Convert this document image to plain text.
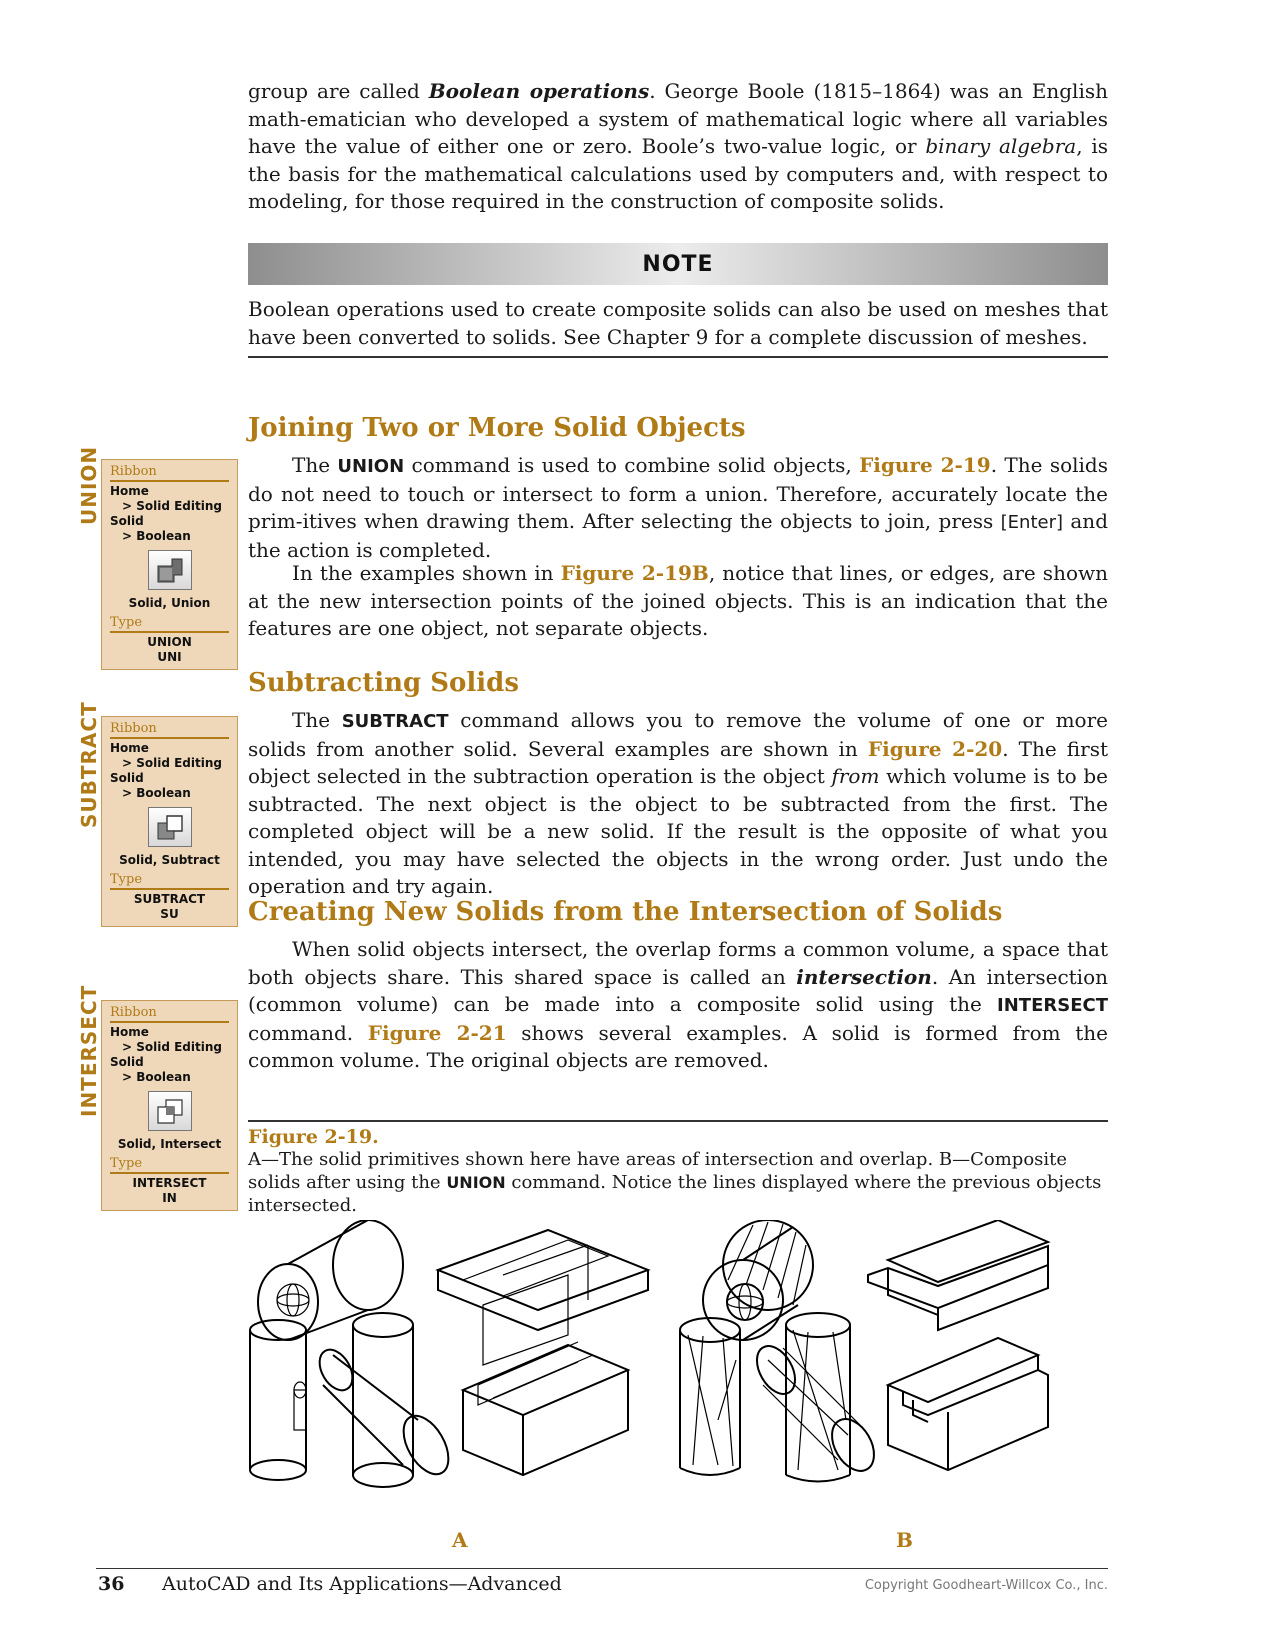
group are called Boolean operations. George Boole (1815–1864) was an English math-ematician who developed a system of mathematical logic where all variables have the value of either one or zero. Boole’s two-value logic, or binary algebra, is the basis for the mathematical calculations used by computers and, with respect to modeling, for those required in the construction of composite solids.

NOTE

Boolean operations used to create composite solids can also be used on meshes that have been converted to solids. See Chapter 9 for a complete discussion of meshes.

Joining Two or More Solid Objects

The UNION command is used to combine solid objects, Figure 2-19. The solids do not need to touch or intersect to form a union. Therefore, accurately locate the prim-itives when drawing them. After selecting the objects to join, press [Enter] and the action is completed.

In the examples shown in Figure 2-19B, notice that lines, or edges, are shown at the new intersection points of the joined objects. This is an indication that the features are one object, not separate objects.

Subtracting Solids

The SUBTRACT command allows you to remove the volume of one or more solids from another solid. Several examples are shown in Figure 2-20. The first object selected in the subtraction operation is the object from which volume is to be subtracted. The next object is the object to be subtracted from the first. The completed object will be a new solid. If the result is the opposite of what you intended, you may have selected the objects in the wrong order. Just undo the operation and try again.

Creating New Solids from the Intersection of Solids

When solid objects intersect, the overlap forms a common volume, a space that both objects share. This shared space is called an intersection. An intersection (common volume) can be made into a composite solid using the INTERSECT command. Figure 2-21 shows several examples. A solid is formed from the common volume. The original objects are removed.

UNION
SUBTRACT
INTERSECT
Ribbon
Home
> Solid Editing
Solid
> Boolean
Solid, Union
Type
UNION
UNI
Ribbon
Home
> Solid Editing
Solid
> Boolean
Solid, Subtract
Type
SUBTRACT
SU
Ribbon
Home
> Solid Editing
Solid
> Boolean
Solid, Intersect
Type
INTERSECT
IN
Figure 2-19.
A—The solid primitives shown here have areas of intersection and overlap. B—Composite solids after using the UNION command. Notice the lines displayed where the previous objects intersected.
A	B
36 AutoCAD and Its Applications—Advanced	Copyright Goodheart-Willcox Co., Inc.
